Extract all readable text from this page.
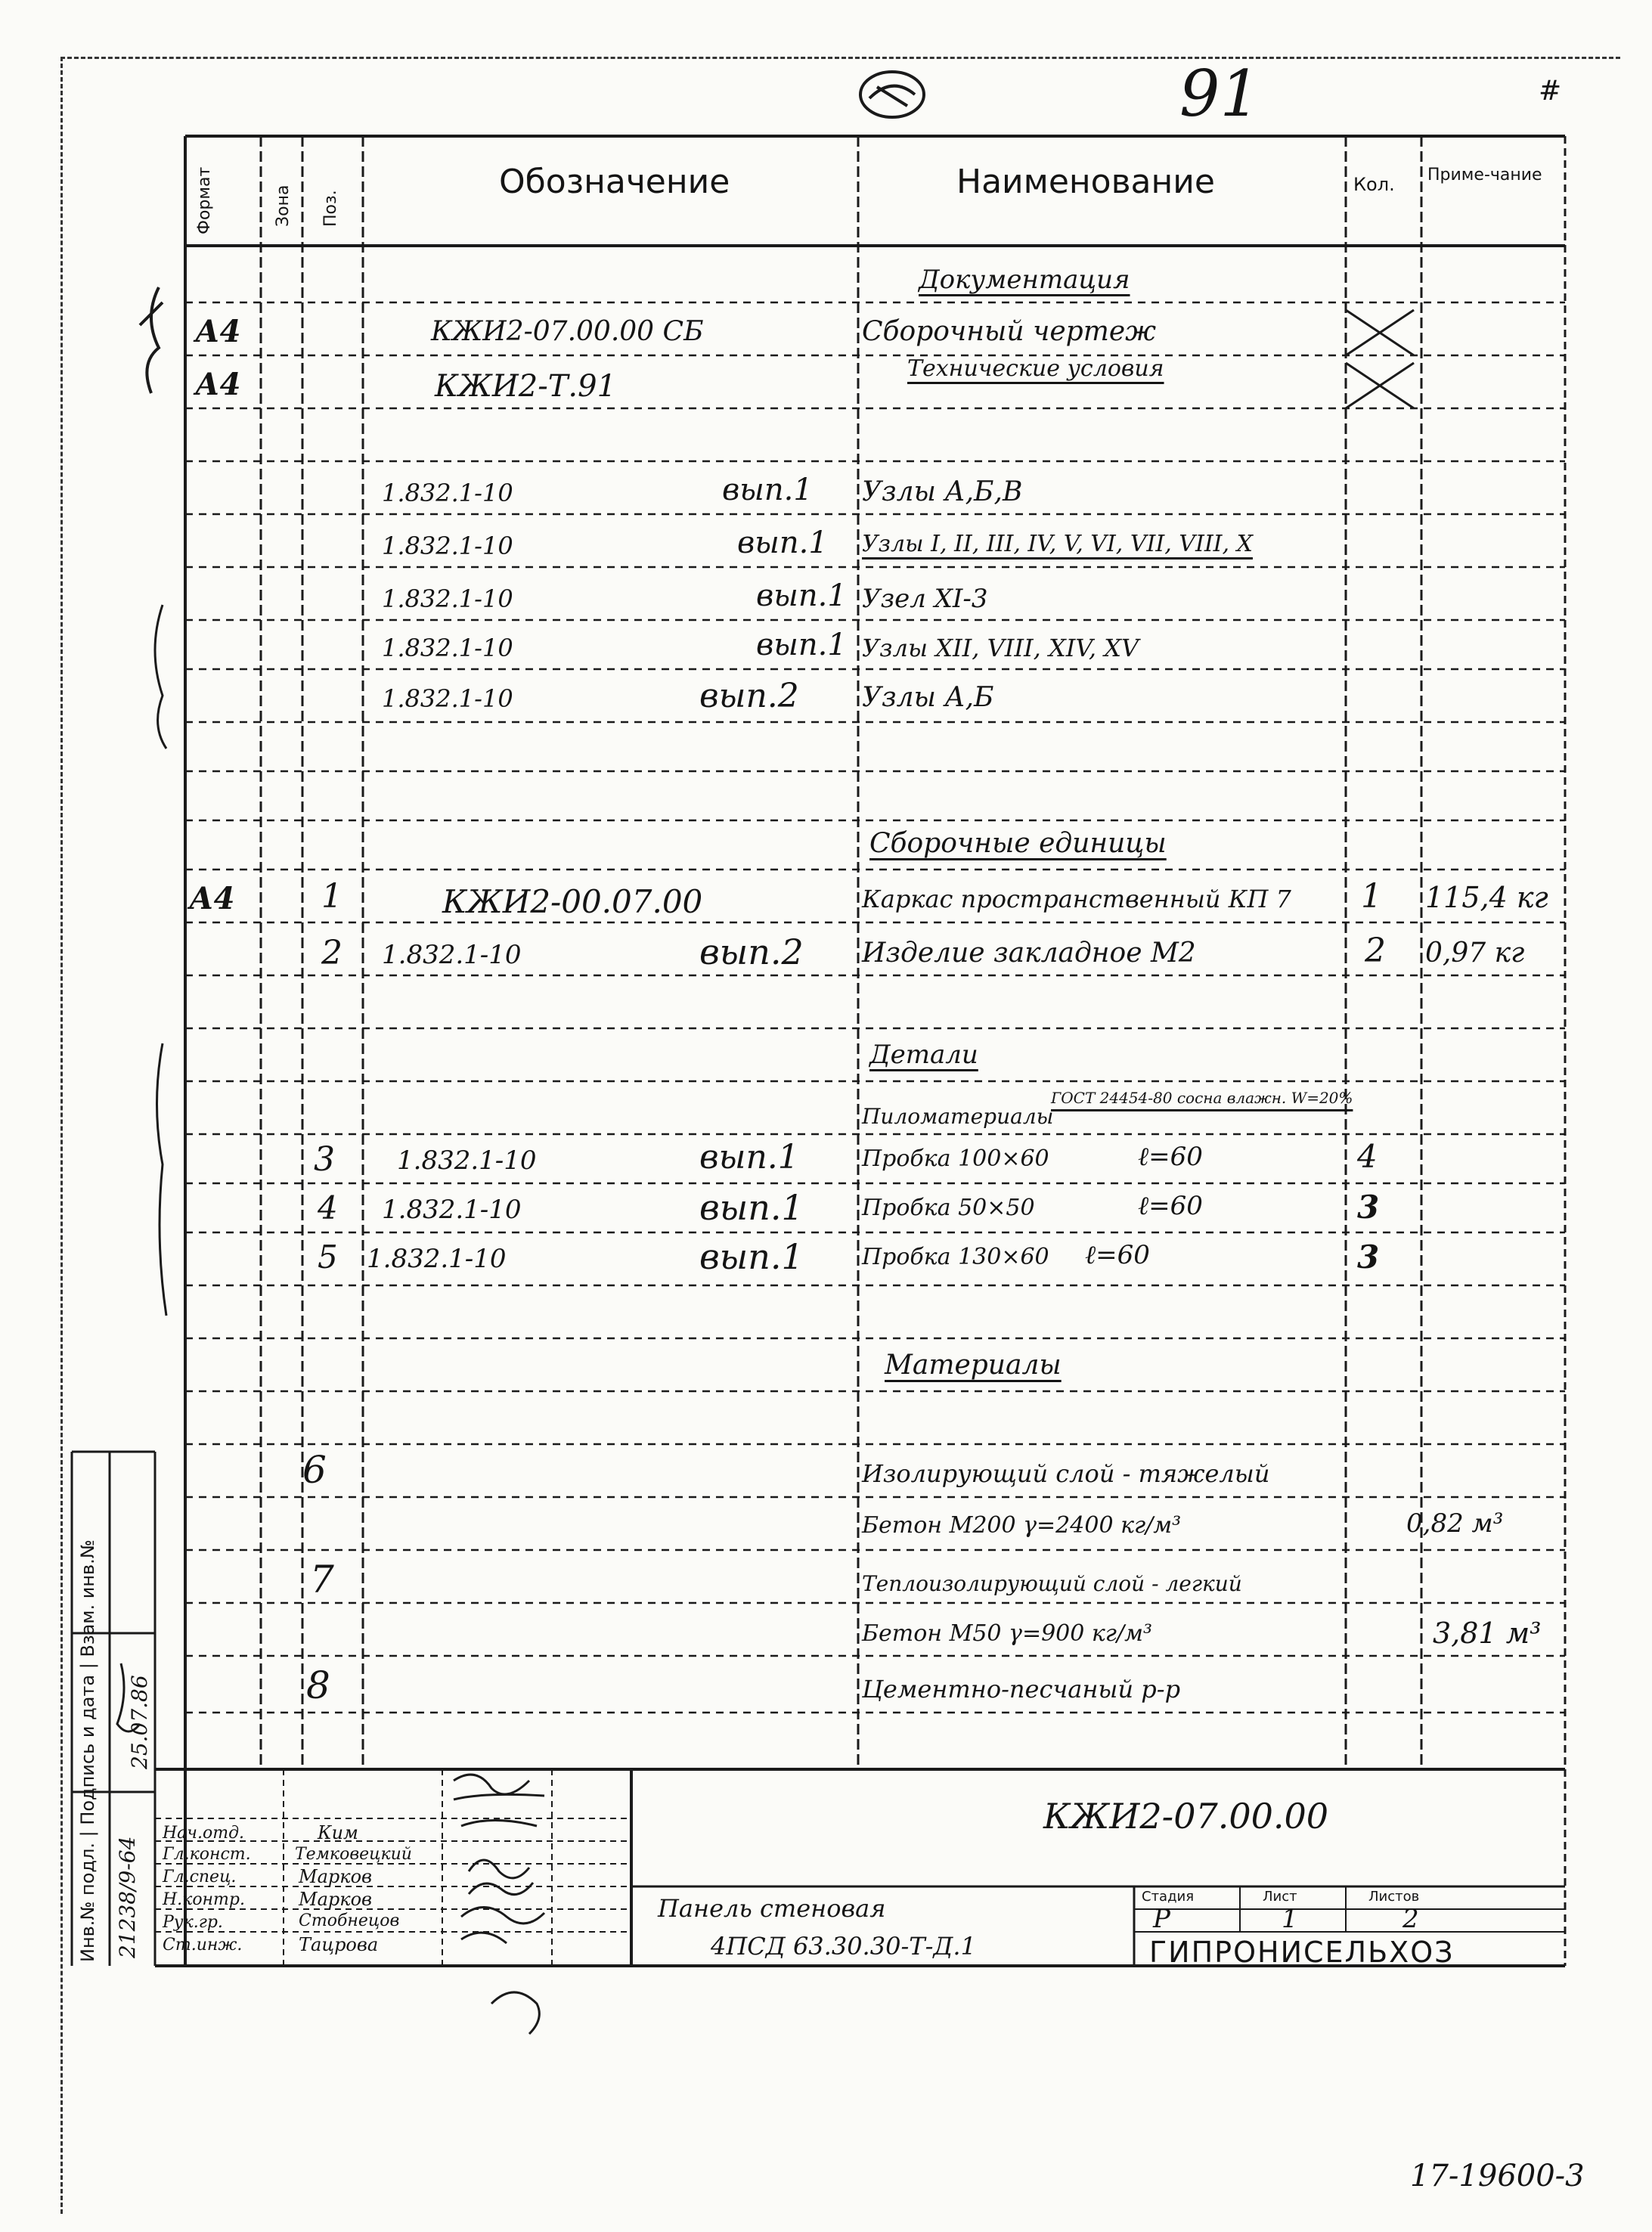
91	#
Формат	Зона Поз.
Обозначение	Наименование	Кол. Приме-чание
Документация
А4	КЖИ2-07.00.00 СБ	Сборочный чертеж
А4	КЖИ2-Т.91
Технические условия
1.832.1-10	вып.1 Узлы А,Б,В
1.832.1-10	вып.1 Узлы I, II, III, IV, V, VI, VII, VIII, X
1.832.1-10	вып.1 Узел XI-3
1.832.1-10	вып.1 Узлы XII, VIII, XIV, XV
1.832.1-10	вып.2 Узлы А,Б
Сборочные единицы
А4	1	КЖИ2-00.07.00	Каркас пространственный КП 7 1 115,4 кг
2 1.832.1-10	вып.2 Изделие закладное М2	2 0,97 кг
Детали
Пиломатериалы
ГОСТ 24454-80 сосна влажн. W=20%
3 1.832.1-10	вып.1	Пробка 100×60	ℓ=60	4
4 1.832.1-10	вып.1	Пробка 50×50	ℓ=60	3
5 1.832.1-10	вып.1	Пробка 130×60 ℓ=60	3
Материалы
6	Изолирующий слой - тяжелый
Бетон М200 γ=2400 кг/м³	0,82 м³
7	Теплоизолирующий слой - легкий
Бетон М50 γ=900 кг/м³	3,81 м³
8	Цементно-песчаный р-р
КЖИ2-07.00.00
Панель стеновая
4ПСД 63.30.30-Т-Д.1
Стадия	Лист	Листов
Р	1	2
ГИПРОНИСЕЛЬХОЗ
Нач.отд.	Ким
Гл.конст.	Темковецкий
Гл.спец.	Марков
Н.контр.	Марков
Рук.гр.	Стобнецов
Ст.инж.	Тацрова
Инв.№ подл. | Подпись и дата | Взам. инв.№ 21238/9-64
25.07.86
17-19600-3
